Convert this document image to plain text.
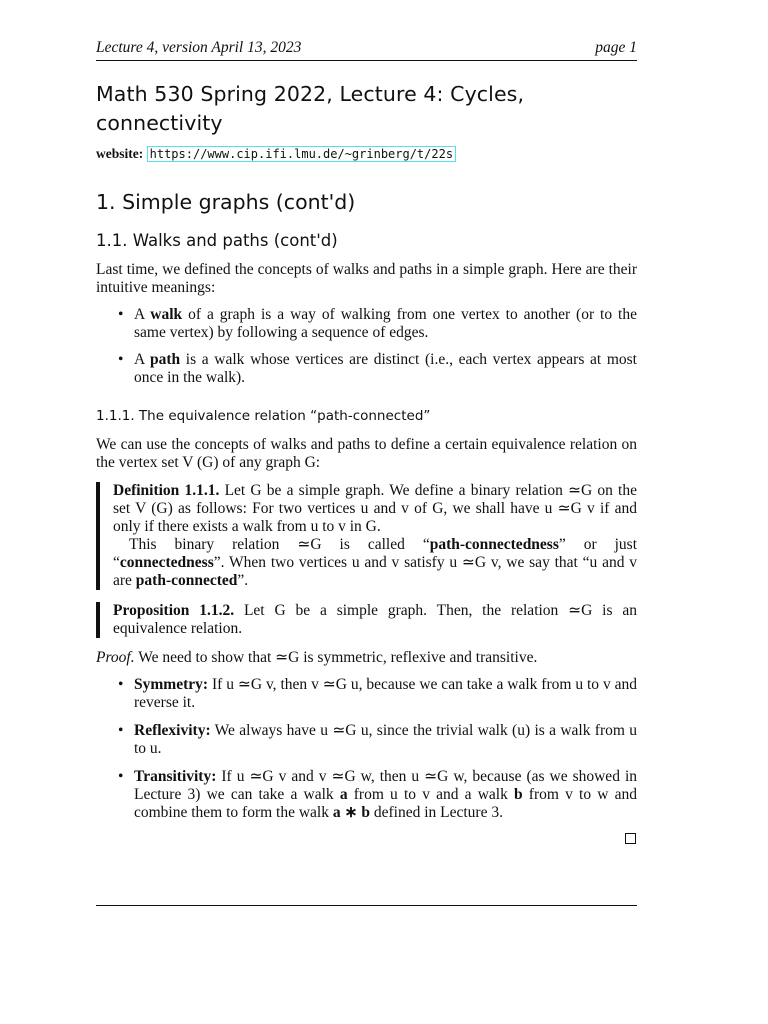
Lecture 4, version April 13, 2023	page 1
Math 530 Spring 2022, Lecture 4: Cycles, connectivity
website: https://www.cip.ifi.lmu.de/~grinberg/t/22s
1. Simple graphs (cont'd)
1.1. Walks and paths (cont'd)

Last time, we defined the concepts of walks and paths in a simple graph. Here are their intuitive meanings:

• A walk of a graph is a way of walking from one vertex to another (or to the same vertex) by following a sequence of edges.
• A path is a walk whose vertices are distinct (i.e., each vertex appears at most once in the walk).
1.1.1. The equivalence relation “path-connected”

We can use the concepts of walks and paths to define a certain equivalence relation on the vertex set V (G) of any graph G:

Definition 1.1.1. Let G be a simple graph. We define a binary relation ≃G on the set V (G) as follows: For two vertices u and v of G, we shall have u ≃G v if and only if there exists a walk from u to v in G.

This binary relation ≃G is called “path-connectedness” or just “connectedness”. When two vertices u and v satisfy u ≃G v, we say that “u and v are path-connected”.

Proposition 1.1.2. Let G be a simple graph. Then, the relation ≃G is an equivalence relation.

Proof. We need to show that ≃G is symmetric, reflexive and transitive.

• Symmetry: If u ≃G v, then v ≃G u, because we can take a walk from u to v and reverse it.
• Reflexivity: We always have u ≃G u, since the trivial walk (u) is a walk from u to u.
• Transitivity: If u ≃G v and v ≃G w, then u ≃G w, because (as we showed in Lecture 3) we can take a walk a from u to v and a walk b from v to w and combine them to form the walk a ∗ b defined in Lecture 3.
